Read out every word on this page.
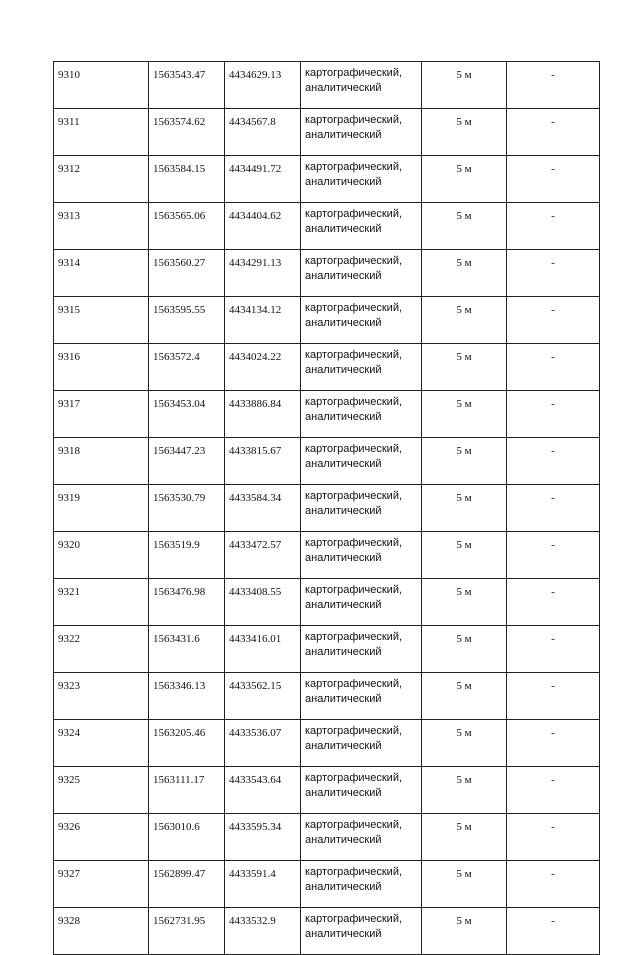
9310	1563543.47	4434629.13	картографический,
аналитический	5 м	-
9311	1563574.62	4434567.8	картографический,
аналитический	5 м	-
9312	1563584.15	4434491.72	картографический,
аналитический	5 м	-
9313	1563565.06	4434404.62	картографический,
аналитический	5 м	-
9314	1563560.27	4434291.13	картографический,
аналитический	5 м	-
9315	1563595.55	4434134.12	картографический,
аналитический	5 м	-
9316	1563572.4	4434024.22	картографический,
аналитический	5 м	-
9317	1563453.04	4433886.84	картографический,
аналитический	5 м	-
9318	1563447.23	4433815.67	картографический,
аналитический	5 м	-
9319	1563530.79	4433584.34	картографический,
аналитический	5 м	-
9320	1563519.9	4433472.57	картографический,
аналитический	5 м	-
9321	1563476.98	4433408.55	картографический,
аналитический	5 м	-
9322	1563431.6	4433416.01	картографический,
аналитический	5 м	-
9323	1563346.13	4433562.15	картографический,
аналитический	5 м	-
9324	1563205.46	4433536.07	картографический,
аналитический	5 м	-
9325	1563111.17	4433543.64	картографический,
аналитический	5 м	-
9326	1563010.6	4433595.34	картографический,
аналитический	5 м	-
9327	1562899.47	4433591.4	картографический,
аналитический	5 м	-
9328	1562731.95	4433532.9	картографический,
аналитический	5 м	-
